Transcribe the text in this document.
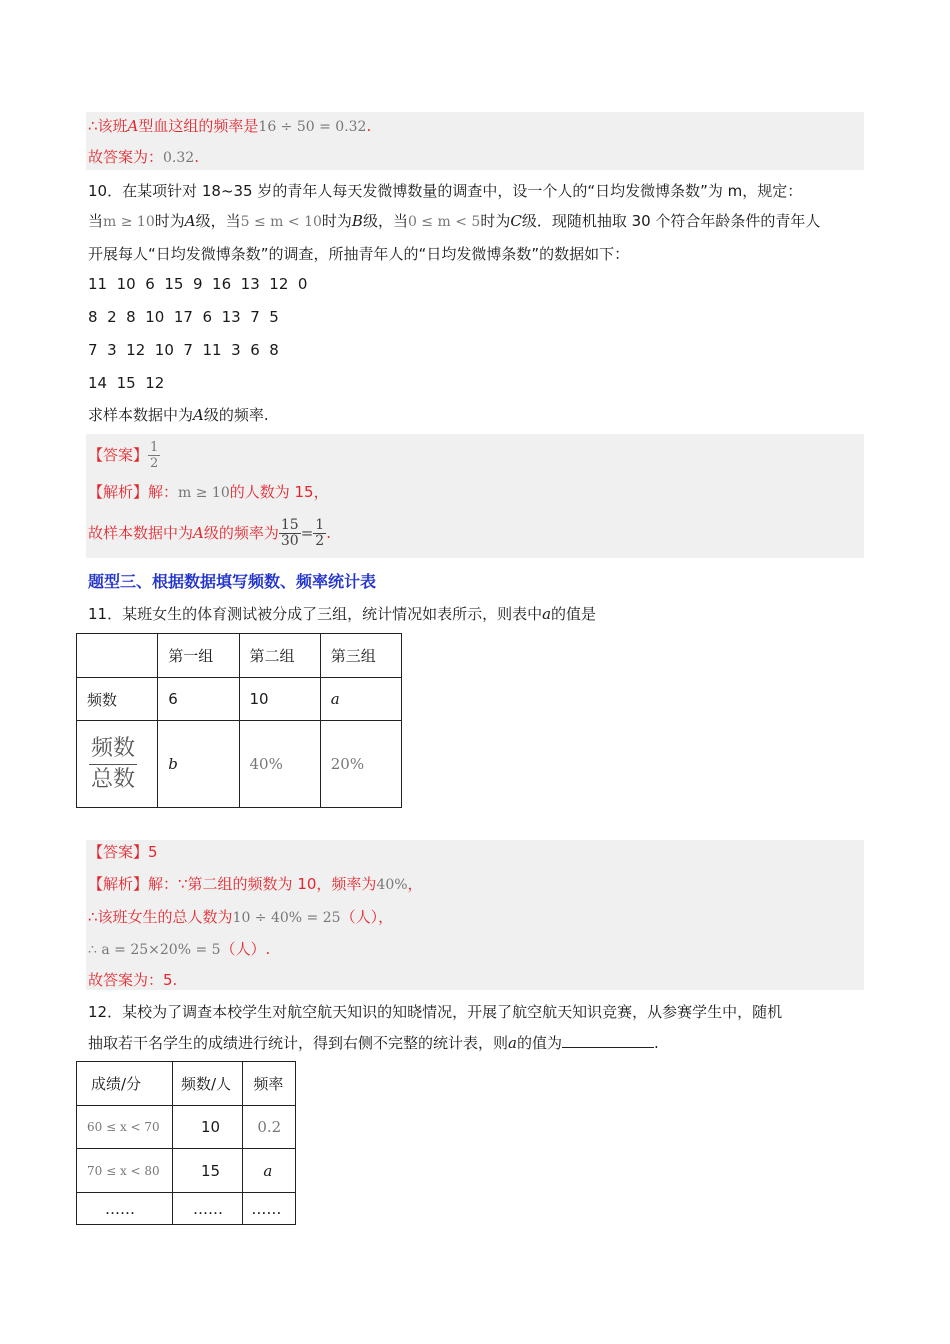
∴该班A型血这组的频率是16 ÷ 50 = 0.32.
故答案为：0.32.
10．在某项针对 18~35 岁的青年人每天发微博数量的调查中，设一个人的“日均发微博条数”为 m，规定：
当m ≥ 10时为A级，当5 ≤ m < 10时为B级，当0 ≤ m < 5时为C级．现随机抽取 30 个符合年龄条件的青年人
开展每人“日均发微博条数”的调查，所抽青年人的“日均发微博条数”的数据如下：
11  10  6  15  9  16  13  12  0
8  2  8  10  17  6  13  7  5
7  3  12  10  7  11  3  6  8
14  15  12
求样本数据中为A级的频率.
【答案】 $\frac{1}{2}$
【解析】解：m ≥ 10的人数为 15，
故样本数据中为A级的频率为 $\frac{15}{30} = \frac{1}{2}$ .
题型三、根据数据填写频数、频率统计表
11．某班女生的体育测试被分成了三组，统计情况如表所示，则表中a的值是
	第一组	第二组	第三组
频数	6	10	a

$\frac{\text{频数}}{\text{总数}}$	b	40%	20%
【答案】5
【解析】解：∵第二组的频数为 10，频率为40%，
∴该班女生的总人数为10 ÷ 40% = 25（人），
∴ a = 25×20% = 5（人）.
故答案为：5.
12．某校为了调查本校学生对航空航天知识的知晓情况，开展了航空航天知识竞赛，从参赛学生中，随机
抽取若干名学生的成绩进行统计，得到右侧不完整的统计表，则a的值为	.
成绩/分	频数/人	频率
60 ≤ x < 70	10	0.2
70 ≤ x < 80	15	a
……	……	……
